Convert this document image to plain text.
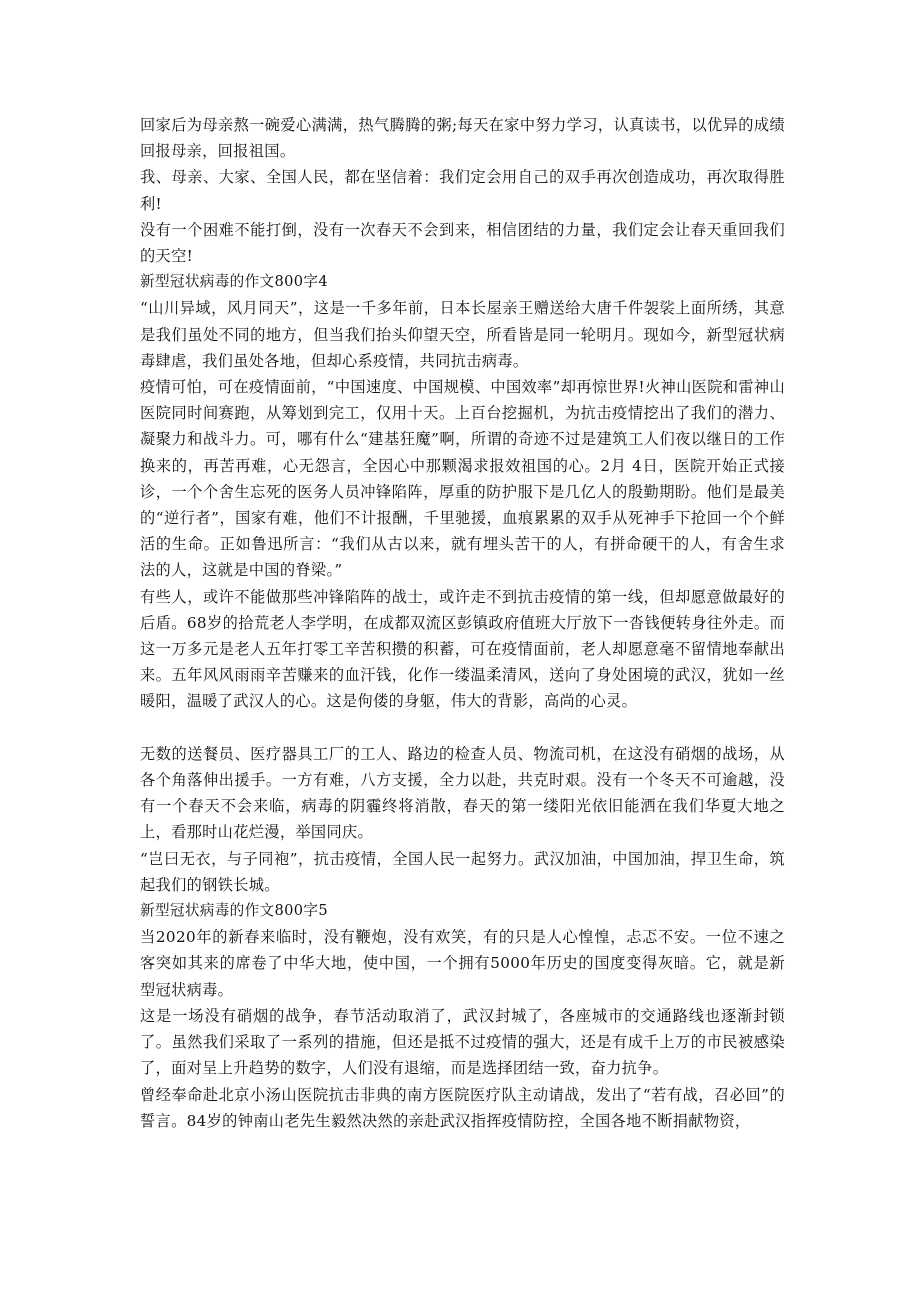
回家后为母亲熬一碗爱心满满，热气腾腾的粥;每天在家中努力学习，认真读书，以优异的成绩回报母亲，回报祖国。

我、母亲、大家、全国人民，都在坚信着：我们定会用自己的双手再次创造成功，再次取得胜利!

没有一个困难不能打倒，没有一次春天不会到来，相信团结的力量，我们定会让春天重回我们的天空!

新型冠状病毒的作文800字4

“山川异域，风月同天”，这是一千多年前，日本长屋亲王赠送给大唐千件袈裟上面所绣，其意是我们虽处不同的地方，但当我们抬头仰望天空，所看皆是同一轮明月。现如今，新型冠状病毒肆虐，我们虽处各地，但却心系疫情，共同抗击病毒。

疫情可怕，可在疫情面前，“中国速度、中国规模、中国效率”却再惊世界!火神山医院和雷神山医院同时间赛跑，从筹划到完工，仅用十天。上百台挖掘机，为抗击疫情挖出了我们的潜力、凝聚力和战斗力。可，哪有什么“建基狂魔”啊，所谓的奇迹不过是建筑工人们夜以继日的工作换来的，再苦再难，心无怨言，全因心中那颗渴求报效祖国的心。2月 4日，医院开始正式接诊，一个个舍生忘死的医务人员冲锋陷阵，厚重的防护服下是几亿人的殷勤期盼。他们是最美的“逆行者”，国家有难，他们不计报酬，千里驰援，血痕累累的双手从死神手下抢回一个个鲜活的生命。正如鲁迅所言：“我们从古以来，就有埋头苦干的人，有拼命硬干的人，有舍生求法的人，这就是中国的脊梁。”

有些人，或许不能做那些冲锋陷阵的战士，或许走不到抗击疫情的第一线，但却愿意做最好的后盾。68岁的拾荒老人李学明，在成都双流区彭镇政府值班大厅放下一沓钱便转身往外走。而这一万多元是老人五年打零工辛苦积攒的积蓄，可在疫情面前，老人却愿意毫不留情地奉献出来。五年风风雨雨辛苦赚来的血汗钱，化作一缕温柔清风，送向了身处困境的武汉，犹如一丝暖阳，温暖了武汉人的心。这是佝偻的身躯，伟大的背影，高尚的心灵。

无数的送餐员、医疗器具工厂的工人、路边的检查人员、物流司机，在这没有硝烟的战场，从各个角落伸出援手。一方有难，八方支援，全力以赴，共克时艰。没有一个冬天不可逾越，没有一个春天不会来临，病毒的阴霾终将消散，春天的第一缕阳光依旧能洒在我们华夏大地之上，看那时山花烂漫，举国同庆。

“岂曰无衣，与子同袍”，抗击疫情，全国人民一起努力。武汉加油，中国加油，捍卫生命，筑起我们的钢铁长城。

新型冠状病毒的作文800字5

当2020年的新春来临时，没有鞭炮，没有欢笑，有的只是人心惶惶，忐忑不安。一位不速之客突如其来的席卷了中华大地，使中国，一个拥有5000年历史的国度变得灰暗。它，就是新型冠状病毒。

这是一场没有硝烟的战争，春节活动取消了，武汉封城了，各座城市的交通路线也逐渐封锁了。虽然我们采取了一系列的措施，但还是抵不过疫情的强大，还是有成千上万的市民被感染了，面对呈上升趋势的数字，人们没有退缩，而是选择团结一致，奋力抗争。

曾经奉命赴北京小汤山医院抗击非典的南方医院医疗队主动请战，发出了“若有战，召必回”的誓言。84岁的钟南山老先生毅然决然的亲赴武汉指挥疫情防控，全国各地不断捐献物资，
